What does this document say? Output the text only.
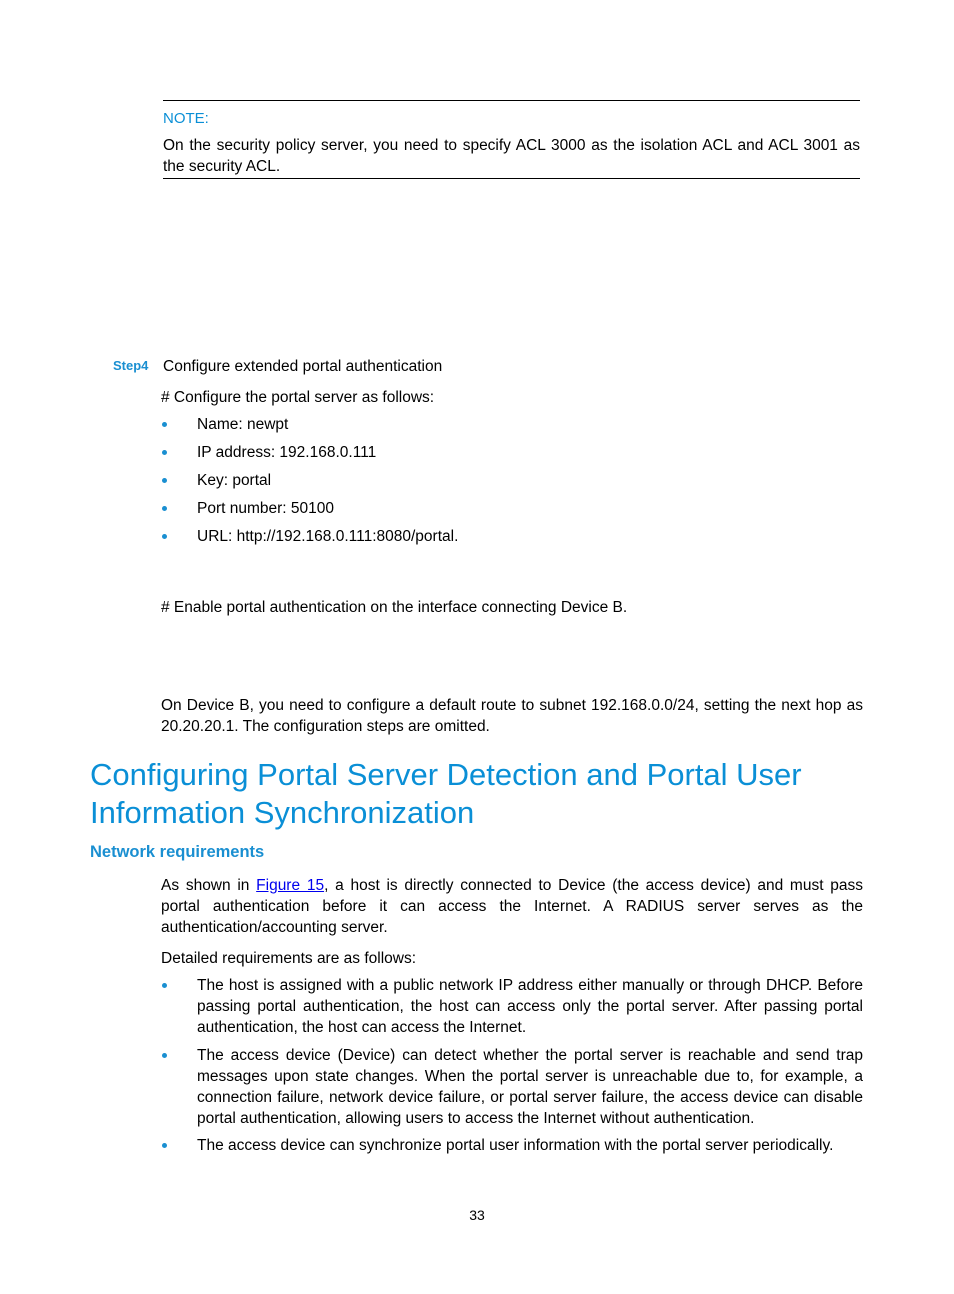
NOTE:
On the security policy server, you need to specify ACL 3000 as the isolation ACL and ACL 3001 as the security ACL.
Step4 Configure extended portal authentication
# Configure the portal server as follows:
Name: newpt
IP address: 192.168.0.111
Key: portal
Port number: 50100
URL: http://192.168.0.111:8080/portal.
# Enable portal authentication on the interface connecting Device B.
On Device B, you need to configure a default route to subnet 192.168.0.0/24, setting the next hop as 20.20.20.1. The configuration steps are omitted.
Configuring Portal Server Detection and Portal User
Information Synchronization
Network requirements
As shown in Figure 15, a host is directly connected to Device (the access device) and must pass portal authentication before it can access the Internet. A RADIUS server serves as the authentication/accounting server.
Detailed requirements are as follows:
The host is assigned with a public network IP address either manually or through DHCP. Before passing portal authentication, the host can access only the portal server. After passing portal authentication, the host can access the Internet.
The access device (Device) can detect whether the portal server is reachable and send trap messages upon state changes. When the portal server is unreachable due to, for example, a connection failure, network device failure, or portal server failure, the access device can disable portal authentication, allowing users to access the Internet without authentication.
The access device can synchronize portal user information with the portal server periodically.
33
